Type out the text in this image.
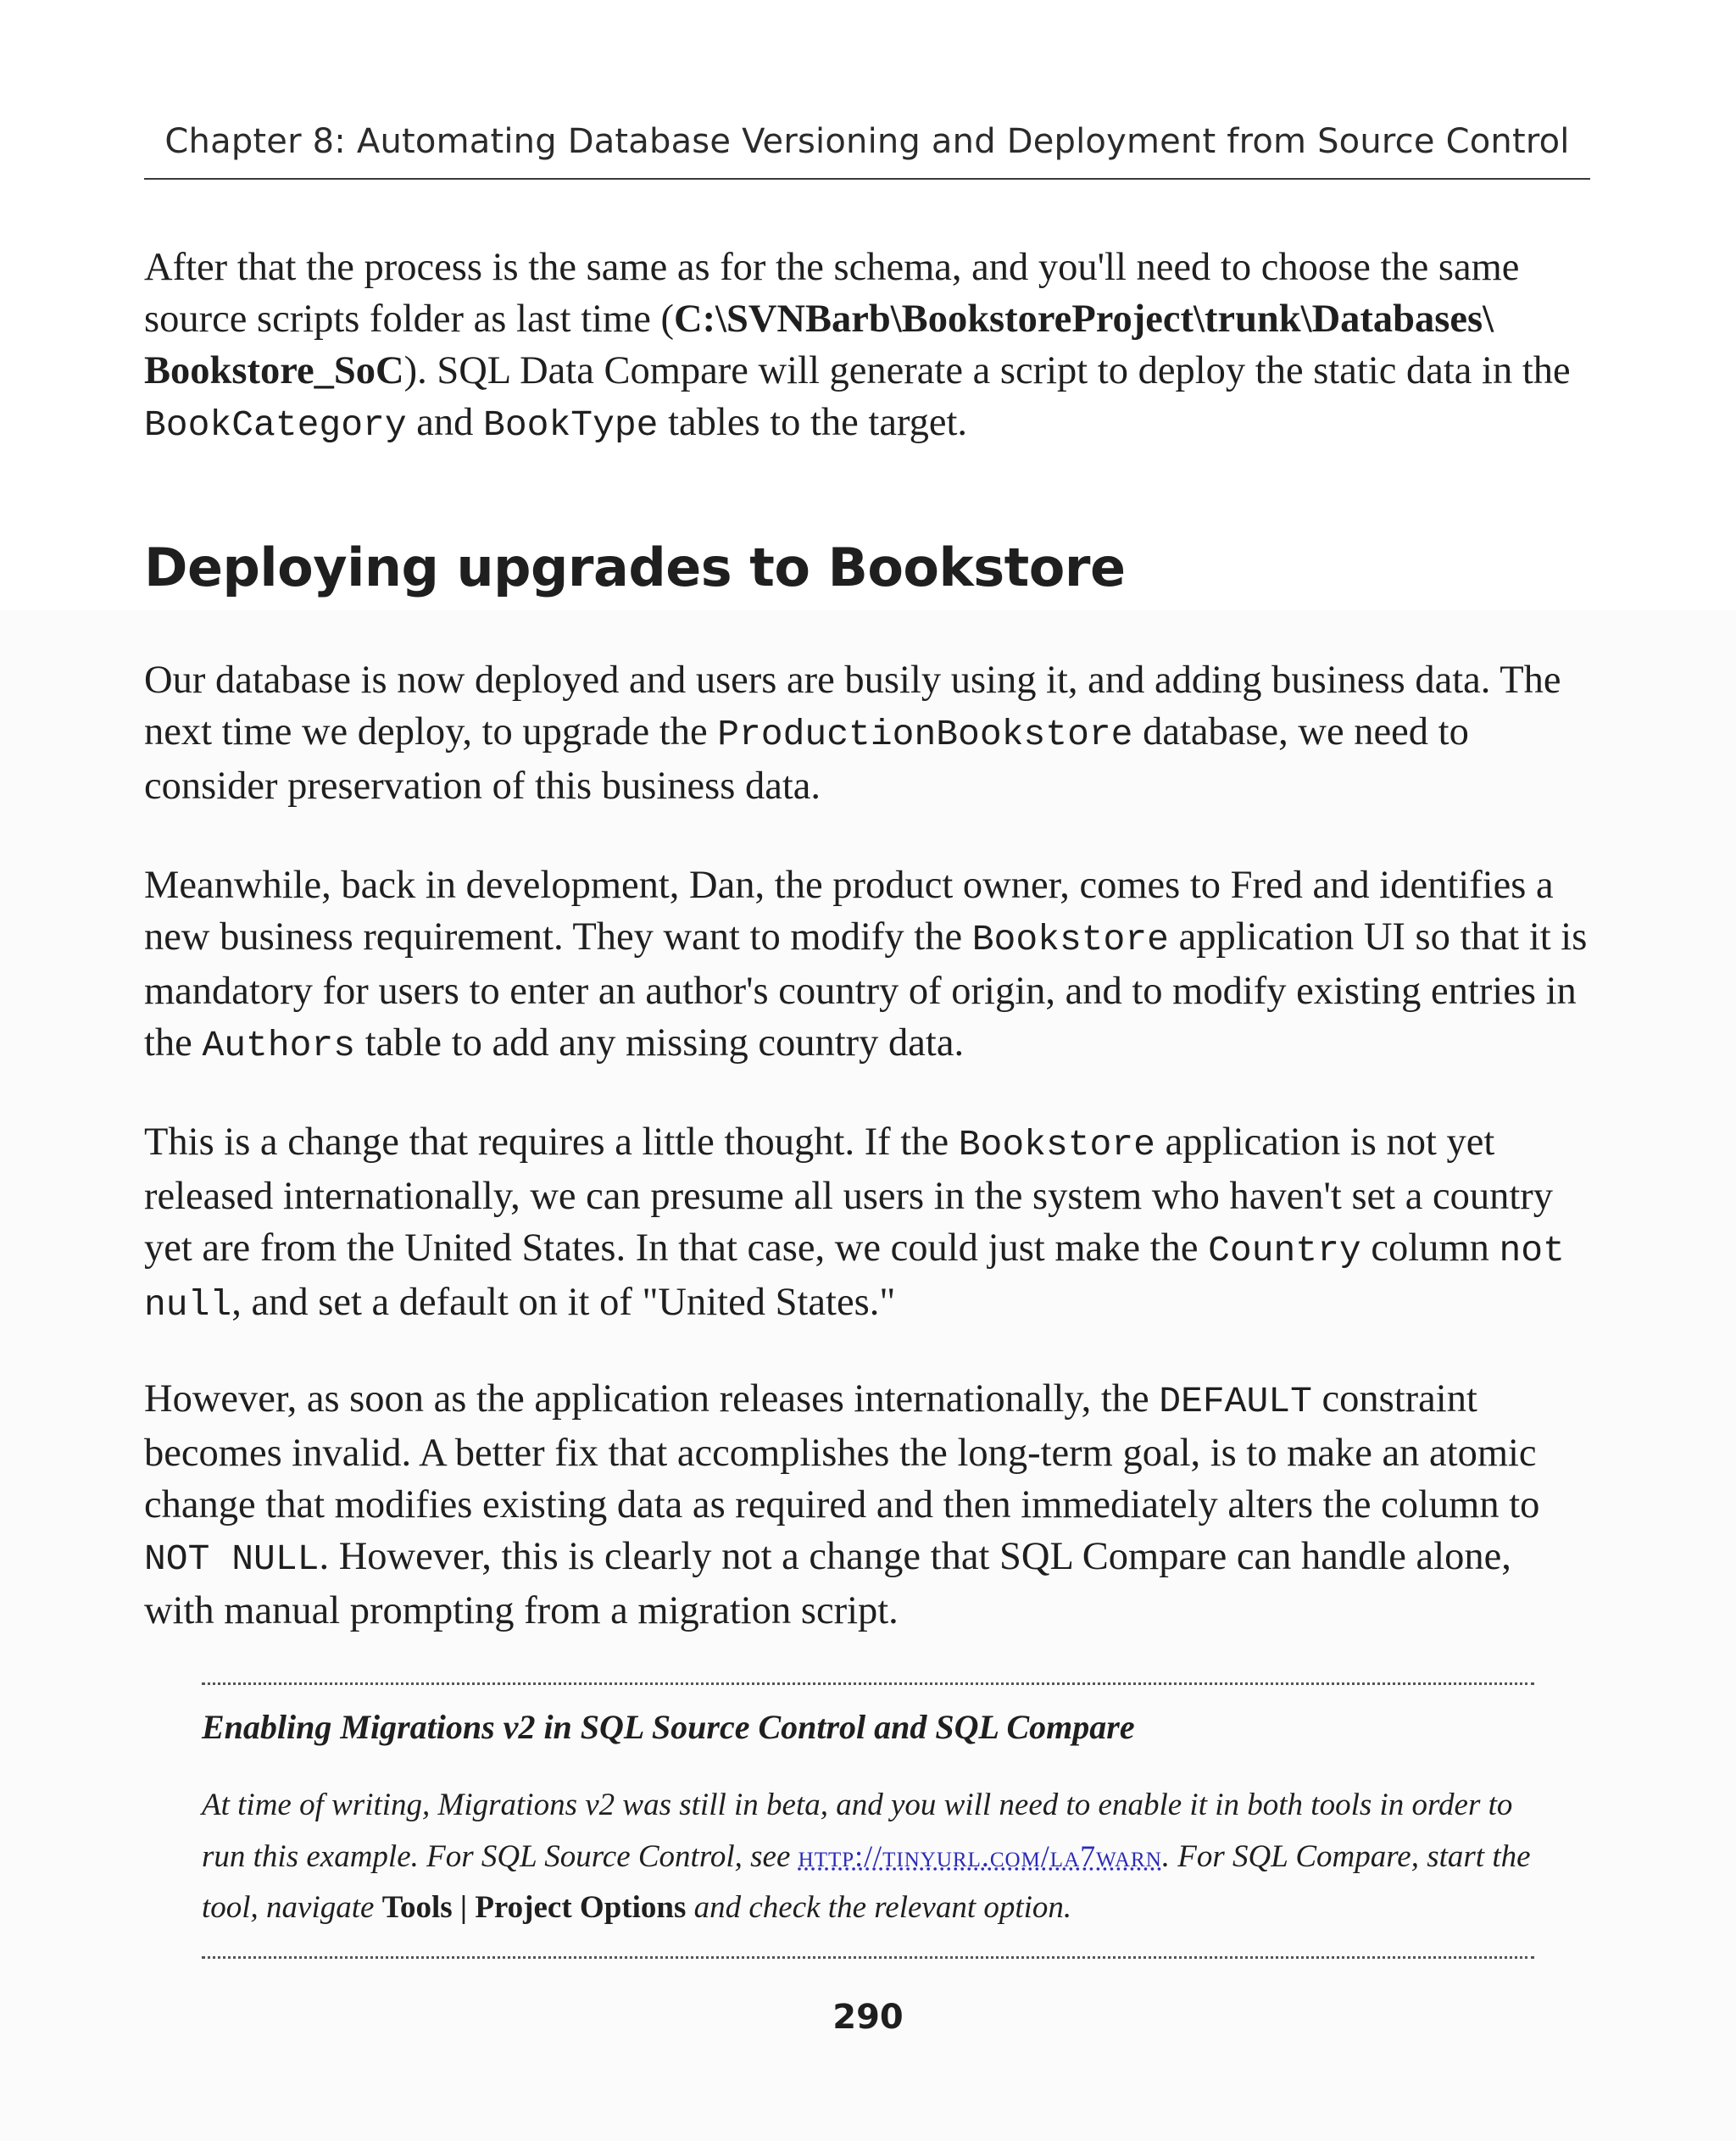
Chapter 8: Automating Database Versioning and Deployment from Source Control

After that the process is the same as for the schema, and you'll need to choose the same source scripts folder as last time (C:\SVNBarb\BookstoreProject\trunk\Databases\ Bookstore_SoC). SQL Data Compare will generate a script to deploy the static data in the BookCategory and BookType tables to the target.

Deploying upgrades to Bookstore

Our database is now deployed and users are busily using it, and adding business data. The next time we deploy, to upgrade the ProductionBookstore database, we need to consider preservation of this business data.

Meanwhile, back in development, Dan, the product owner, comes to Fred and identifies a new business requirement. They want to modify the Bookstore application UI so that it is mandatory for users to enter an author's country of origin, and to modify existing entries in the Authors table to add any missing country data.

This is a change that requires a little thought. If the Bookstore application is not yet released internationally, we can presume all users in the system who haven't set a country yet are from the United States. In that case, we could just make the Country column not null, and set a default on it of "United States."

However, as soon as the application releases internationally, the DEFAULT constraint becomes invalid. A better fix that accomplishes the long-term goal, is to make an atomic change that modifies existing data as required and then immediately alters the column to NOT NULL. However, this is clearly not a change that SQL Compare can handle alone, with manual prompting from a migration script.

Enabling Migrations v2 in SQL Source Control and SQL Compare

At time of writing, Migrations v2 was still in beta, and you will need to enable it in both tools in order to run this example. For SQL Source Control, see http://tinyurl.com/la7warn. For SQL Compare, start the tool, navigate Tools | Project Options and check the relevant option.

290
